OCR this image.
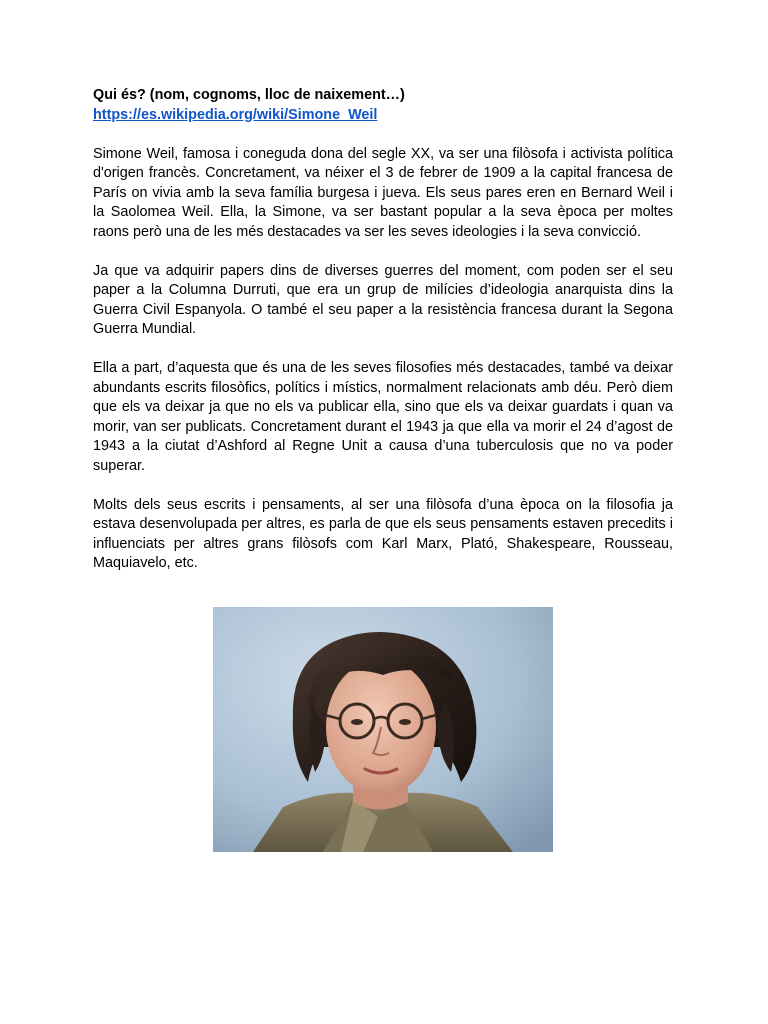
Qui és? (nom, cognoms, lloc de naixement…)

https://es.wikipedia.org/wiki/Simone_Weil

Simone Weil, famosa i coneguda dona del segle XX, va ser una filòsofa i activista política d'origen francès. Concretament, va néixer el 3 de febrer de 1909 a la capital francesa de París on vivia amb la seva família burgesa i jueva. Els seus pares eren en Bernard Weil i la Saolomea Weil. Ella, la Simone, va ser bastant popular a la seva època per moltes raons però una de les més destacades va ser les seves ideologies i la seva convicció.

Ja que va adquirir papers dins de diverses guerres del moment, com poden ser el seu paper a la Columna Durruti, que era un grup de milícies d’ideologia anarquista dins la Guerra Civil Espanyola. O també el seu paper a la resistència francesa durant la Segona Guerra Mundial.

Ella a part, d’aquesta que és una de les seves filosofies més destacades, també va deixar abundants escrits filosòfics, polítics i místics, normalment relacionats amb déu. Però diem que els va deixar ja que no els va publicar ella, sino que els va deixar guardats i quan va morir, van ser publicats. Concretament durant el 1943 ja que ella va morir el 24 d’agost de 1943 a la ciutat d’Ashford al Regne Unit a causa d’una tuberculosis que no va poder superar.

Molts dels seus escrits i pensaments, al ser una filòsofa d’una època on la filosofia ja estava desenvolupada per altres, es parla de que els seus pensaments estaven precedits i influenciats per altres grans filòsofs com Karl Marx, Plató, Shakespeare, Rousseau, Maquiavelo, etc.
